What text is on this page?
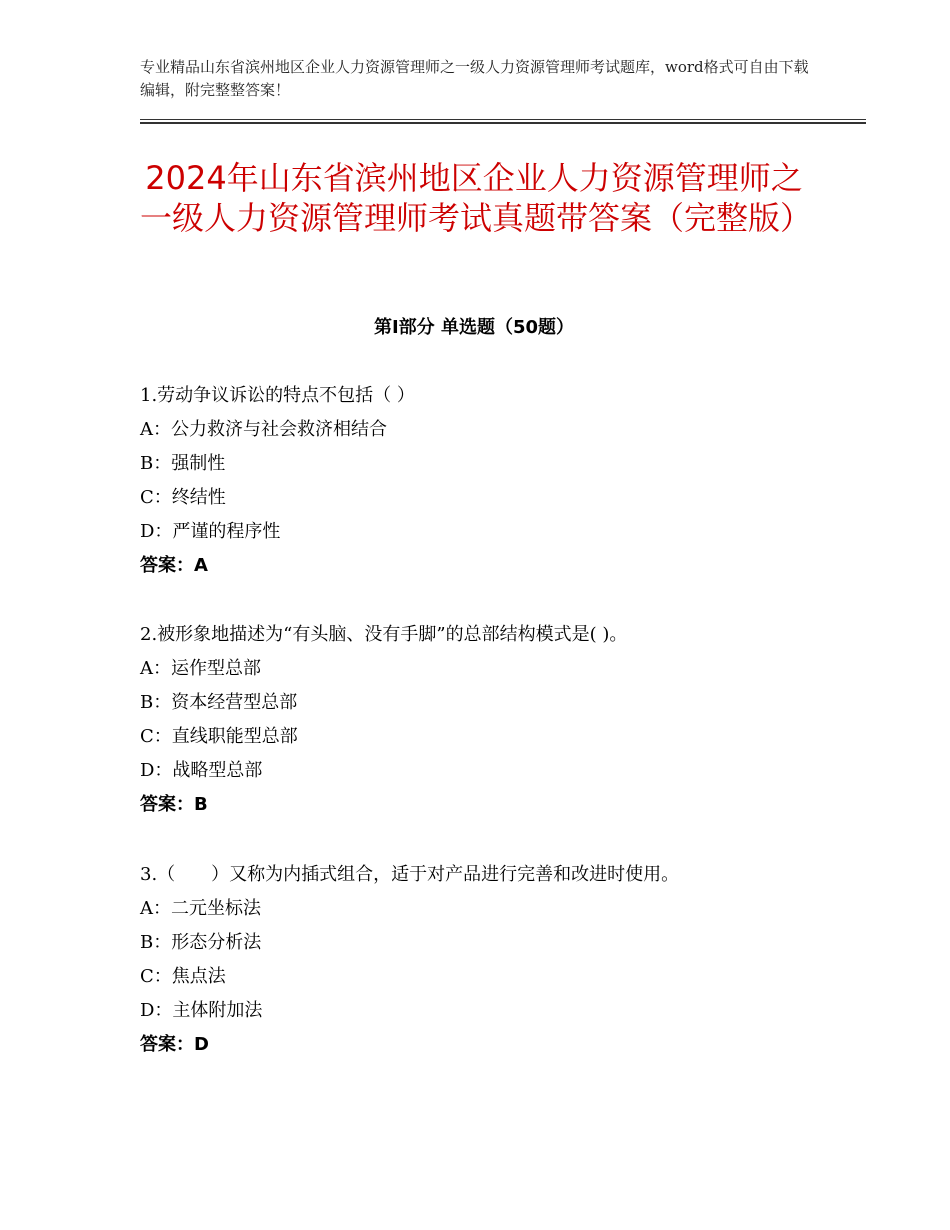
专业精品山东省滨州地区企业人力资源管理师之一级人力资源管理师考试题库，word格式可自由下载编辑，附完整整答案！
2024年山东省滨州地区企业人力资源管理师之一级人力资源管理师考试真题带答案（完整版）
第Ⅰ部分 单选题（50题）
1.劳动争议诉讼的特点不包括（ ）
A：公力救济与社会救济相结合
B：强制性
C：终结性
D：严谨的程序性
答案：A
2.被形象地描述为“有头脑、没有手脚”的总部结构模式是( )。
A：运作型总部
B：资本经营型总部
C：直线职能型总部
D：战略型总部
答案：B
3.（　　）又称为内插式组合，适于对产品进行完善和改进时使用。
A：二元坐标法
B：形态分析法
C：焦点法
D：主体附加法
答案：D
